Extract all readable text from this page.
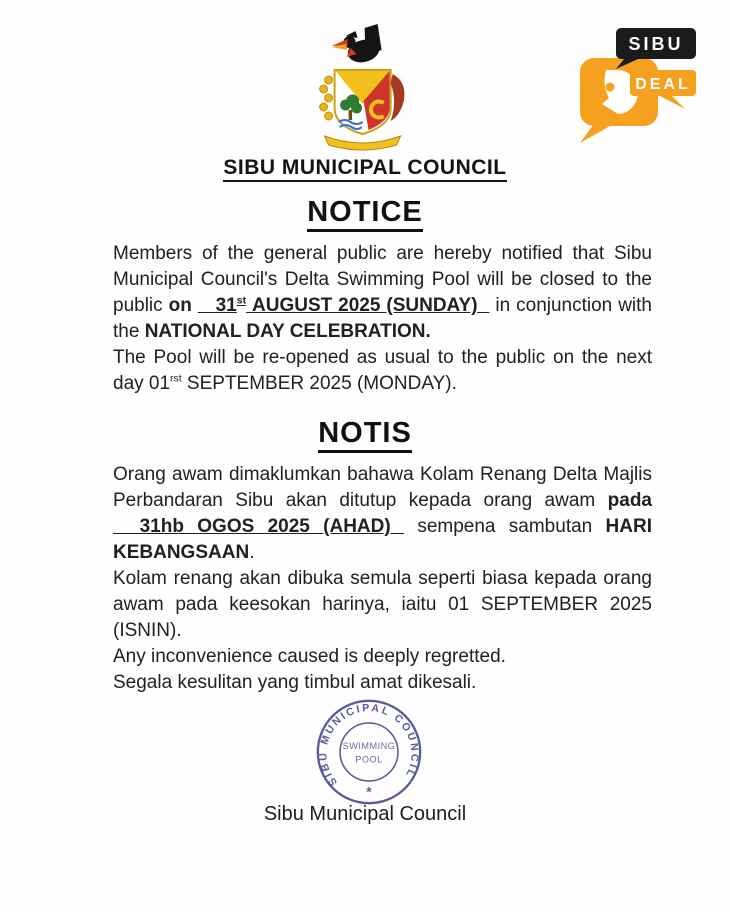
DEAL
SIBU
SIBU MUNICIPAL COUNCIL
NOTICE

Members of the general public are hereby notified that Sibu Municipal Council's Delta Swimming Pool will be closed to the public on    31st AUGUST 2025 (SUNDAY)   in conjunction with the NATIONAL DAY CELEBRATION.

The Pool will be re-opened as usual to the public on the next day $01^{rst}$ SEPTEMBER 2025 (MONDAY).

NOTIS

Orang awam dimaklumkan bahawa Kolam Renang Delta Majlis Perbandaran Sibu akan ditutup kepada orang awam pada   31hb OGOS 2025 (AHAD)  sempena sambutan HARI KEBANGSAAN.

Kolam renang akan dibuka semula seperti biasa kepada orang awam pada keesokan harinya, iaitu 01 SEPTEMBER 2025 (ISNIN).

Any inconvenience caused is deeply regretted.
Segala kesulitan yang timbul amat dikesali.

SIBU MUNICIPAL COUNCIL
SWIMMING
POOL
*
Sibu Municipal Council
